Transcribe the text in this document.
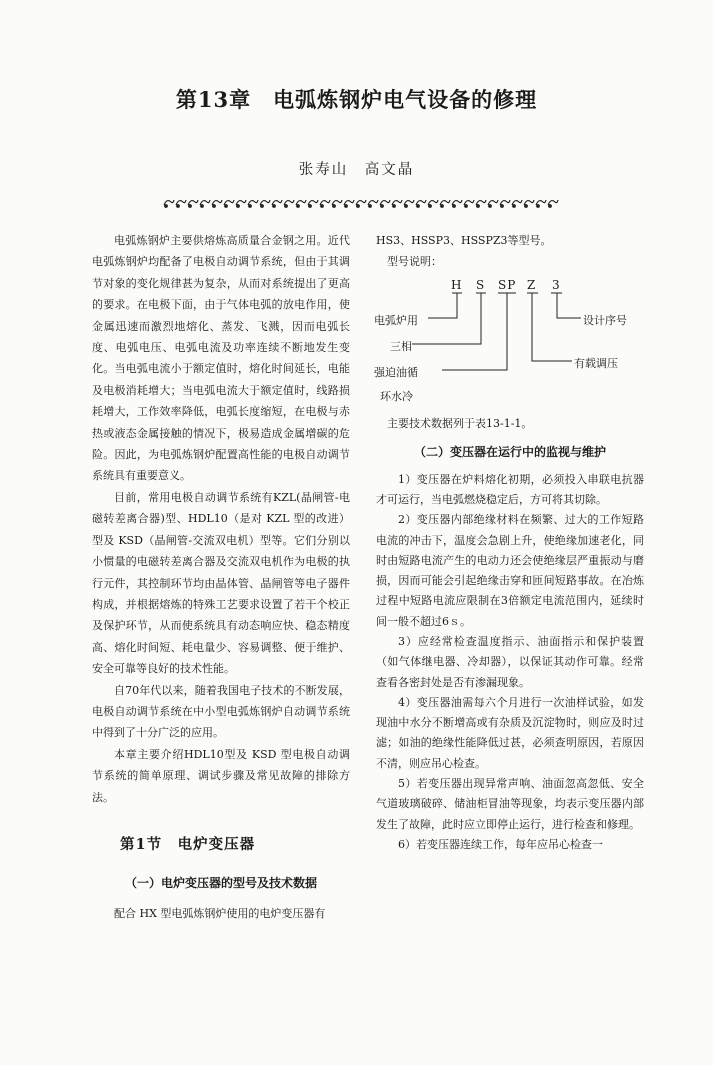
第13章　电弧炼钢炉电气设备的修理
张寿山　高文晶

电弧炼钢炉主要供熔炼高质量合金钢之用。近代电弧炼钢炉均配备了电极自动调节系统，但由于其调节对象的变化规律甚为复杂，从而对系统提出了更高的要求。在电极下面，由于气体电弧的放电作用，使金属迅速而激烈地熔化、蒸发、飞溅，因而电弧长度、电弧电压、电弧电流及功率连续不断地发生变化。当电弧电流小于额定值时，熔化时间延长，电能及电极消耗增大；当电弧电流大于额定值时，线路损耗增大，工作效率降低，电弧长度缩短，在电极与赤热或液态金属接触的情况下，极易造成金属增碳的危险。因此，为电弧炼钢炉配置高性能的电极自动调节系统具有重要意义。

目前，常用电极自动调节系统有KZL(晶闸管-电磁转差离合器)型、HDL10（是对 KZL 型的改进）型及 KSD（晶闸管-交流双电机）型等。它们分别以小惯量的电磁转差离合器及交流双电机作为电极的执行元件，其控制环节均由晶体管、晶闸管等电子器件构成，并根据熔炼的特殊工艺要求设置了若干个校正及保护环节，从而使系统具有动态响应快、稳态精度高、熔化时间短、耗电量少、容易调整、便于维护、安全可靠等良好的技术性能。

自70年代以来，随着我国电子技术的不断发展，电极自动调节系统在中小型电弧炼钢炉自动调节系统中得到了十分广泛的应用。

本章主要介绍HDL10型及 KSD 型电极自动调节系统的简单原理、调试步骤及常见故障的排除方法。

第1节　电炉变压器
（一）电炉变压器的型号及技术数据

配合 HX 型电弧炼钢炉使用的电炉变压器有

HS3、HSSP3、HSSPZ3等型号。

型号说明：

H S SP Z 3
电弧炉用	设计序号
三相
有载调压
强迫油循
环水冷

主要技术数据列于表13-1-1。

（二）变压器在运行中的监视与维护

1）变压器在炉料熔化初期，必须投入串联电抗器才可运行，当电弧燃烧稳定后，方可将其切除。

2）变压器内部绝缘材料在频繁、过大的工作短路电流的冲击下，温度会急剧上升，使绝缘加速老化，同时由短路电流产生的电动力还会使绝缘层严重振动与磨损，因而可能会引起绝缘击穿和匝间短路事故。在冶炼过程中短路电流应限制在3倍额定电流范围内，延续时间一般不超过6ｓ。

3）应经常检查温度指示、油面指示和保护装置（如气体继电器、冷却器），以保证其动作可靠。经常查看各密封处是否有渗漏现象。

4）变压器油需每六个月进行一次油样试验，如发现油中水分不断增高或有杂质及沉淀物时，则应及时过滤；如油的绝缘性能降低过甚，必须查明原因，若原因不清，则应吊心检查。

5）若变压器出现异常声响、油面忽高忽低、安全气道玻璃破碎、储油柜冒油等现象，均表示变压器内部发生了故障，此时应立即停止运行，进行检查和修理。

6）若变压器连续工作，每年应吊心检查一
